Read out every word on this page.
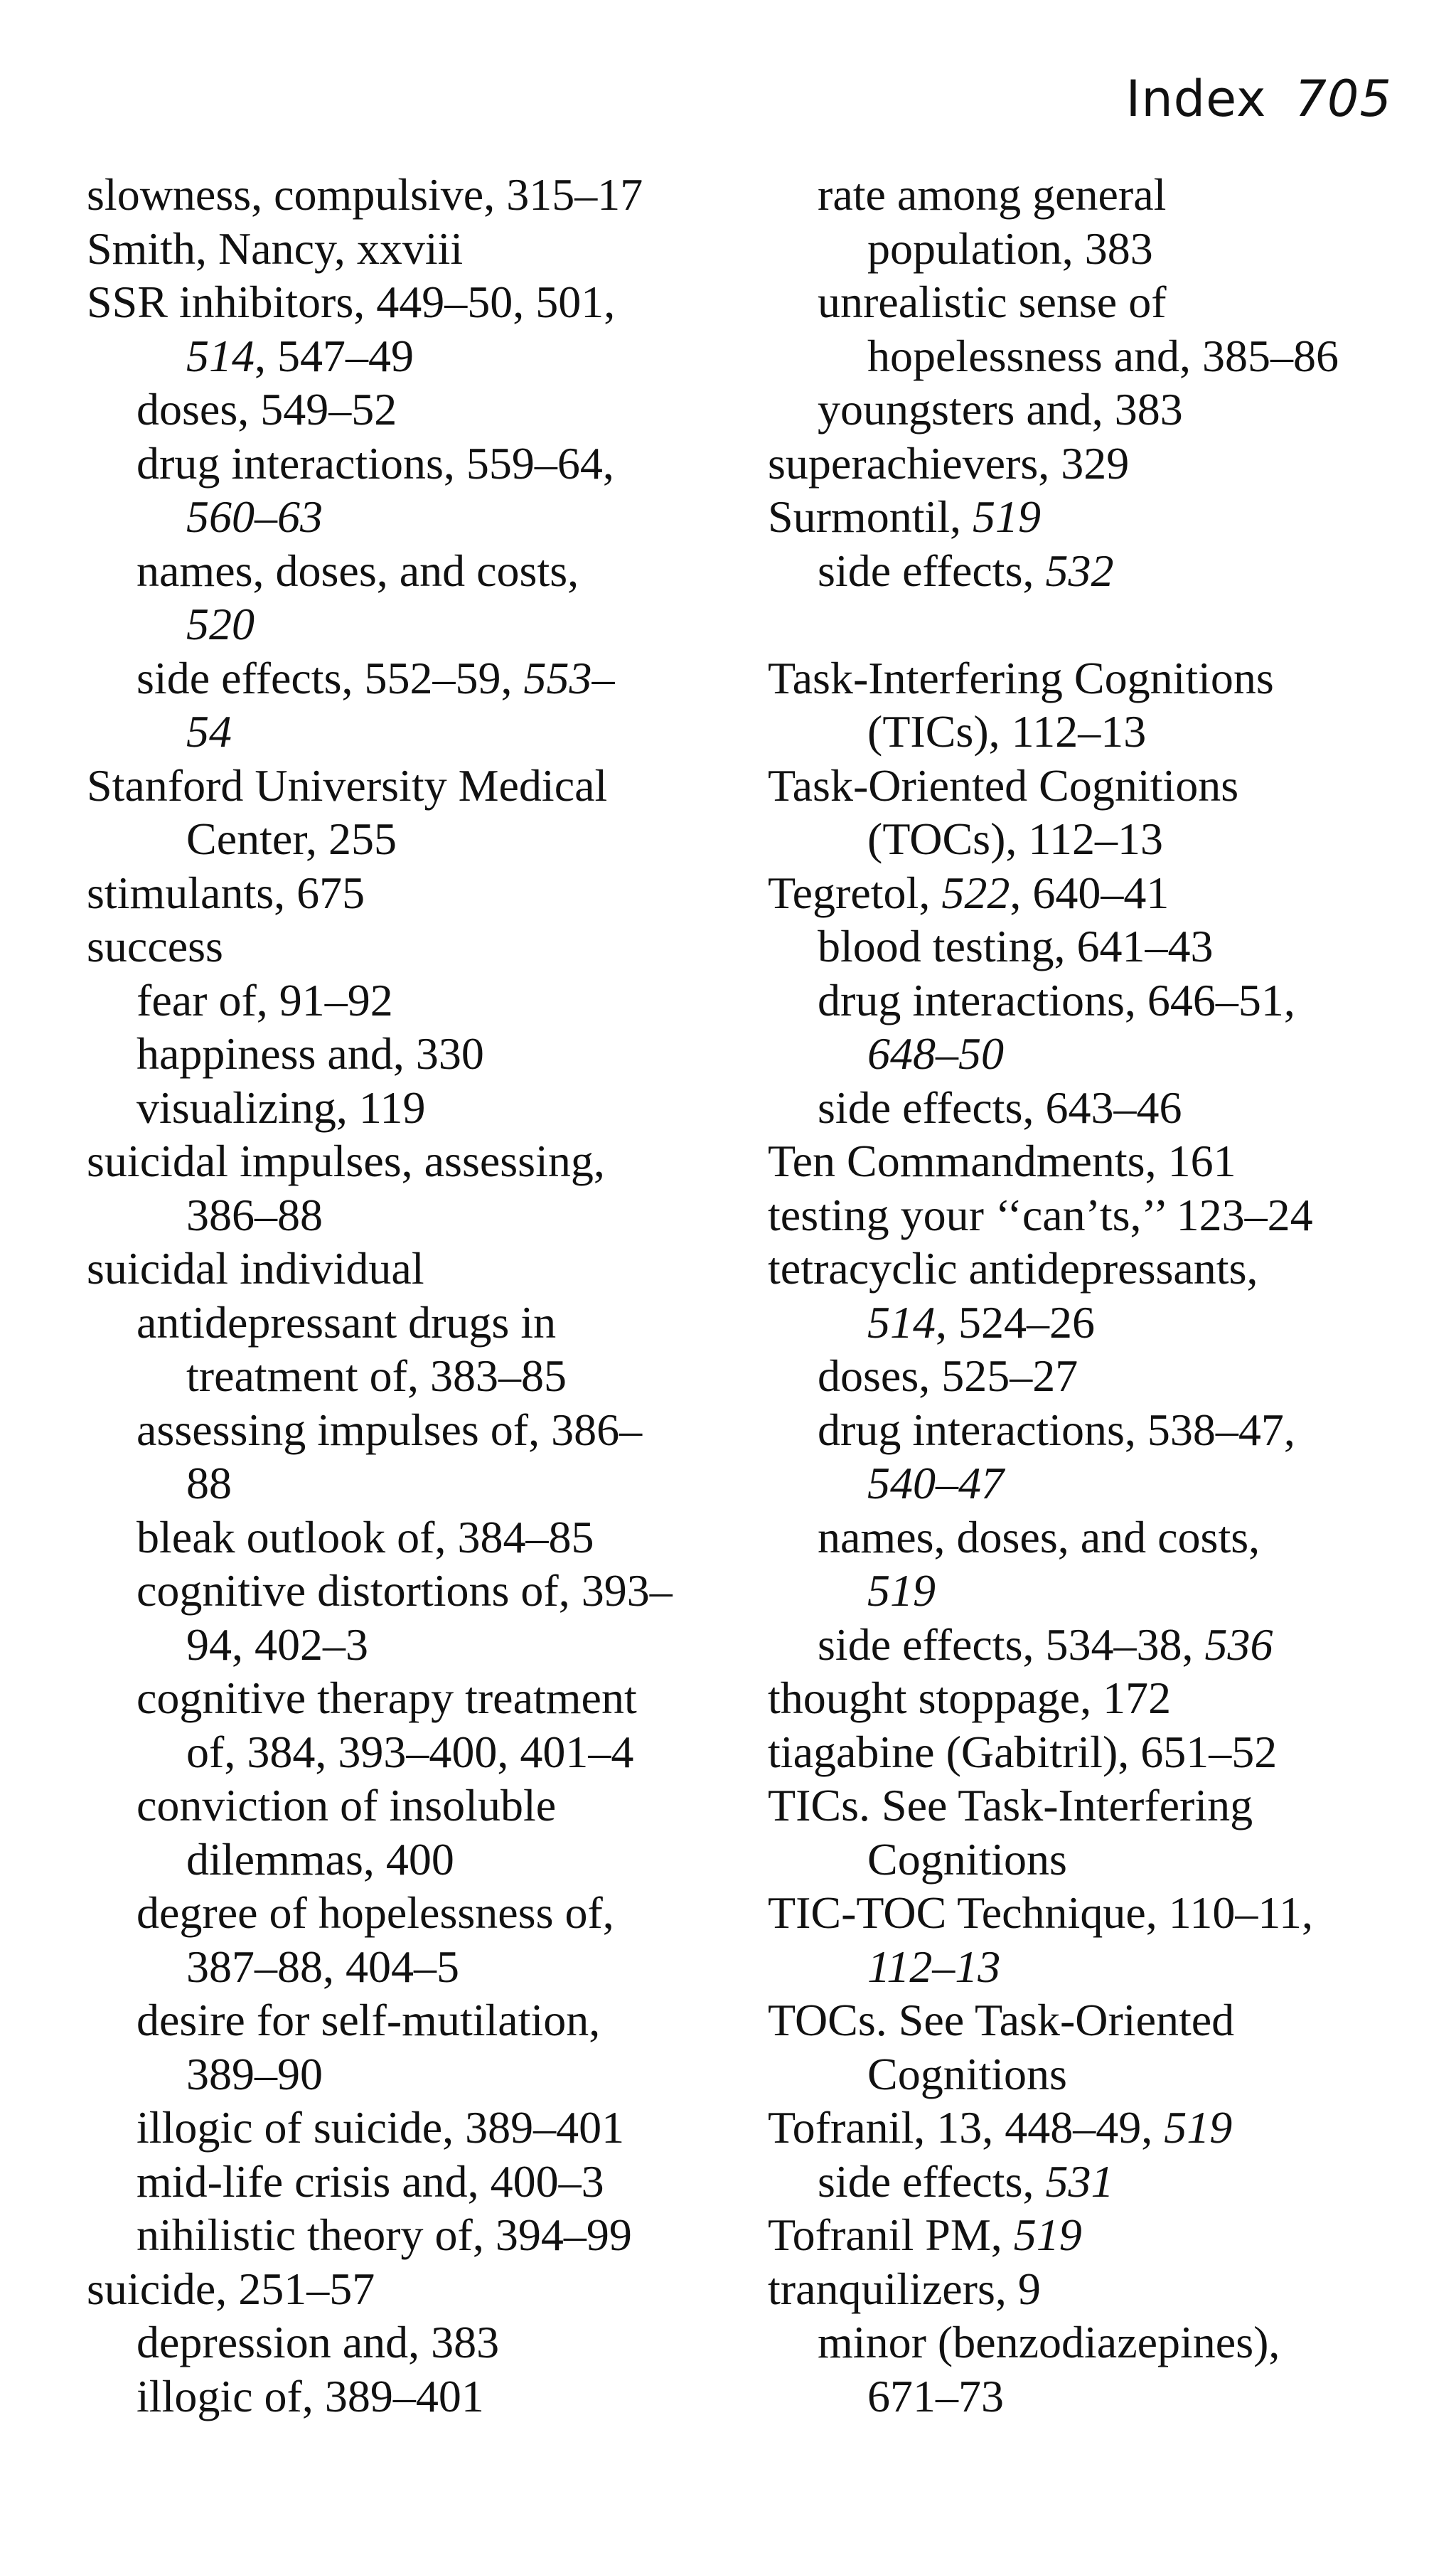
Index 705
slowness, compulsive, 315–17
Smith, Nancy, xxviii
SSR inhibitors, 449–50, 501,
514, 547–49
doses, 549–52
drug interactions, 559–64,
560–63
names, doses, and costs,
520
side effects, 552–59, 553–
54
Stanford University Medical
Center, 255
stimulants, 675
success
fear of, 91–92
happiness and, 330
visualizing, 119
suicidal impulses, assessing,
386–88
suicidal individual
antidepressant drugs in
treatment of, 383–85
assessing impulses of, 386–
88
bleak outlook of, 384–85
cognitive distortions of, 393–
94, 402–3
cognitive therapy treatment
of, 384, 393–400, 401–4
conviction of insoluble
dilemmas, 400
degree of hopelessness of,
387–88, 404–5
desire for self-mutilation,
389–90
illogic of suicide, 389–401
mid-life crisis and, 400–3
nihilistic theory of, 394–99
suicide, 251–57
depression and, 383
illogic of, 389–401
rate among general
population, 383
unrealistic sense of
hopelessness and, 385–86
youngsters and, 383
superachievers, 329
Surmontil, 519
side effects, 532
Task-Interfering Cognitions
(TICs), 112–13
Task-Oriented Cognitions
(TOCs), 112–13
Tegretol, 522, 640–41
blood testing, 641–43
drug interactions, 646–51,
648–50
side effects, 643–46
Ten Commandments, 161
testing your ‘‘can’ts,’’ 123–24
tetracyclic antidepressants,
514, 524–26
doses, 525–27
drug interactions, 538–47,
540–47
names, doses, and costs,
519
side effects, 534–38, 536
thought stoppage, 172
tiagabine (Gabitril), 651–52
TICs. See Task-Interfering
Cognitions
TIC-TOC Technique, 110–11,
112–13
TOCs. See Task-Oriented
Cognitions
Tofranil, 13, 448–49, 519
side effects, 531
Tofranil PM, 519
tranquilizers, 9
minor (benzodiazepines),
671–73
